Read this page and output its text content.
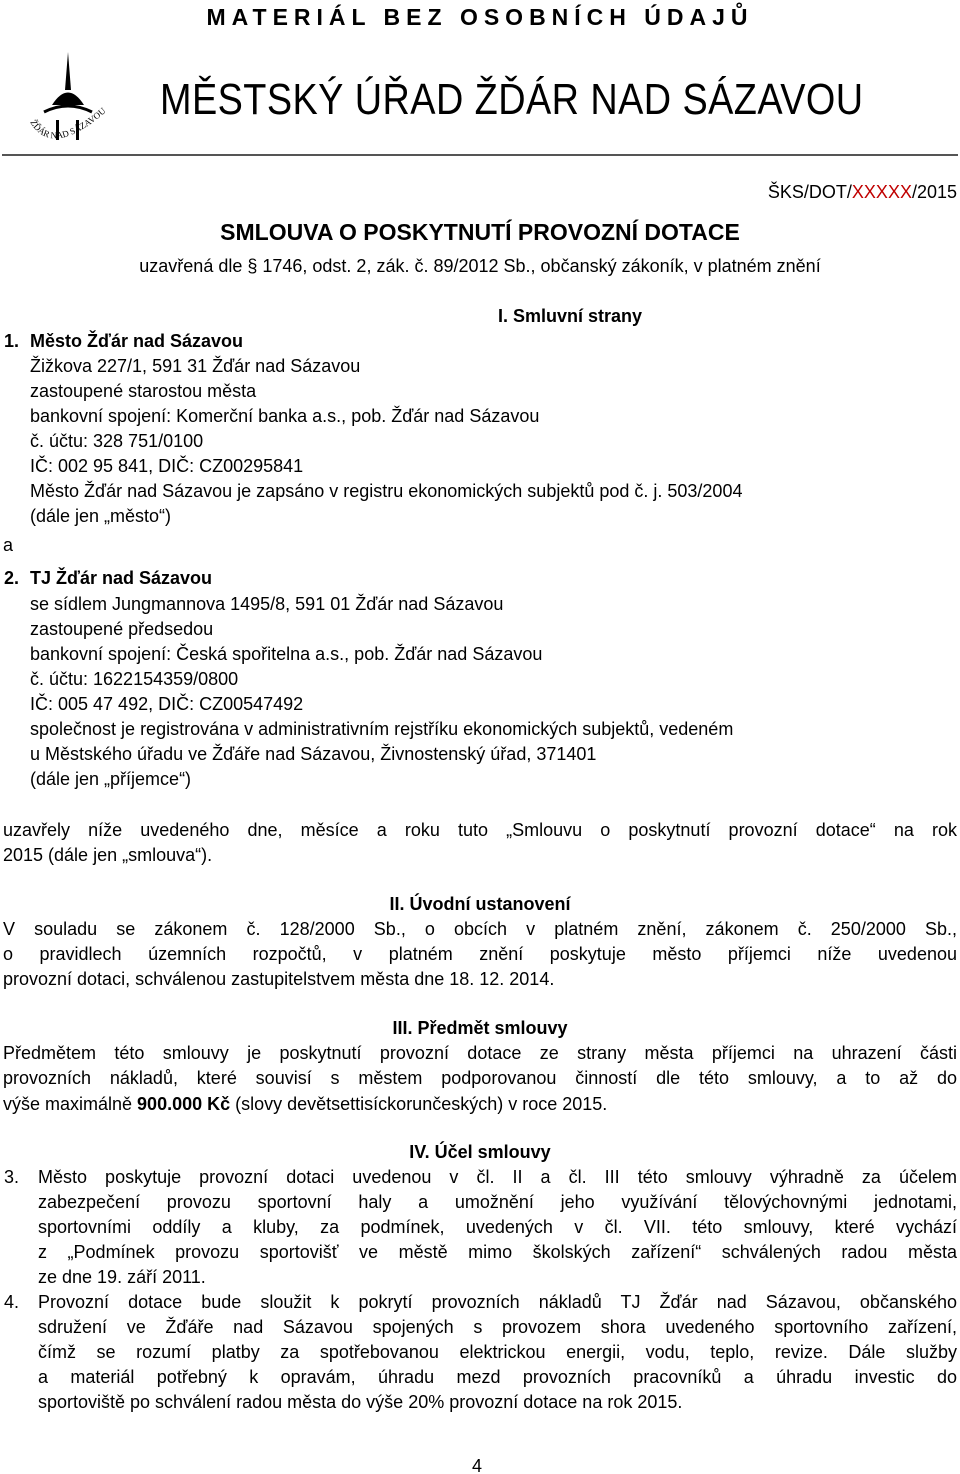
MATERIÁL BEZ OSOBNÍCH ÚDAJŮ
ŽĎÁR NAD SÁZAVOU MĚSTSKÝ ÚŘAD ŽĎÁR NAD SÁZAVOU
ŠKS/DOT/XXXXX/2015
SMLOUVA O POSKYTNUTÍ PROVOZNÍ DOTACE
uzavřená dle § 1746, odst. 2, zák. č. 89/2012 Sb., občanský zákoník, v platném znění
I. Smluvní strany
1. Město Žďár nad Sázavou
Žižkova 227/1, 591 31 Žďár nad Sázavou
zastoupené starostou města
bankovní spojení: Komerční banka a.s., pob. Žďár nad Sázavou
č. účtu: 328 751/0100
IČ: 002 95 841, DIČ: CZ00295841
Město Žďár nad Sázavou je zapsáno v registru ekonomických subjektů pod č. j. 503/2004
(dále jen „město“)
a
2. TJ Žďár nad Sázavou
se sídlem Jungmannova 1495/8, 591 01 Žďár nad Sázavou
zastoupené předsedou
bankovní spojení: Česká spořitelna a.s., pob. Žďár nad Sázavou
č. účtu: 1622154359/0800
IČ: 005 47 492, DIČ: CZ00547492
společnost je registrována v administrativním rejstříku ekonomických subjektů, vedeném
u Městského úřadu ve Žďáře nad Sázavou, Živnostenský úřad, 371401
(dále jen „příjemce“)
uzavřely níže uvedeného dne, měsíce a roku tuto „Smlouvu o poskytnutí provozní dotace“ na rok
2015 (dále jen „smlouva“).
II. Úvodní ustanovení
V souladu se zákonem č. 128/2000 Sb., o obcích v platném znění, zákonem č. 250/2000 Sb.,
o pravidlech územních rozpočtů, v platném znění poskytuje město příjemci níže uvedenou
provozní dotaci, schválenou zastupitelstvem města dne 18. 12. 2014.
III. Předmět smlouvy
Předmětem této smlouvy je poskytnutí provozní dotace ze strany města příjemci na uhrazení části
provozních nákladů, které souvisí s městem podporovanou činností dle této smlouvy, a to až do
výše maximálně 900.000 Kč (slovy devětsettisíckorunčeských) v roce 2015.
IV. Účel smlouvy
3. Město poskytuje provozní dotaci uvedenou v čl. II a čl. III této smlouvy výhradně za účelem
zabezpečení provozu sportovní haly a umožnění jeho využívání tělovýchovnými jednotami,
sportovními oddíly a kluby, za podmínek, uvedených v čl. VII. této smlouvy, které vychází
z „Podmínek provozu sportovišť ve městě mimo školských zařízení“ schválených radou města
ze dne 19. září 2011.
4. Provozní dotace bude sloužit k pokrytí provozních nákladů TJ Žďár nad Sázavou, občanského
sdružení ve Žďáře nad Sázavou spojených s provozem shora uvedeného sportovního zařízení,
čímž se rozumí platby za spotřebovanou elektrickou energii, vodu, teplo, revize. Dále služby
a materiál potřebný k opravám, úhradu mezd provozních pracovníků a úhradu investic do
sportoviště po schválení radou města do výše 20% provozní dotace na rok 2015.
4
